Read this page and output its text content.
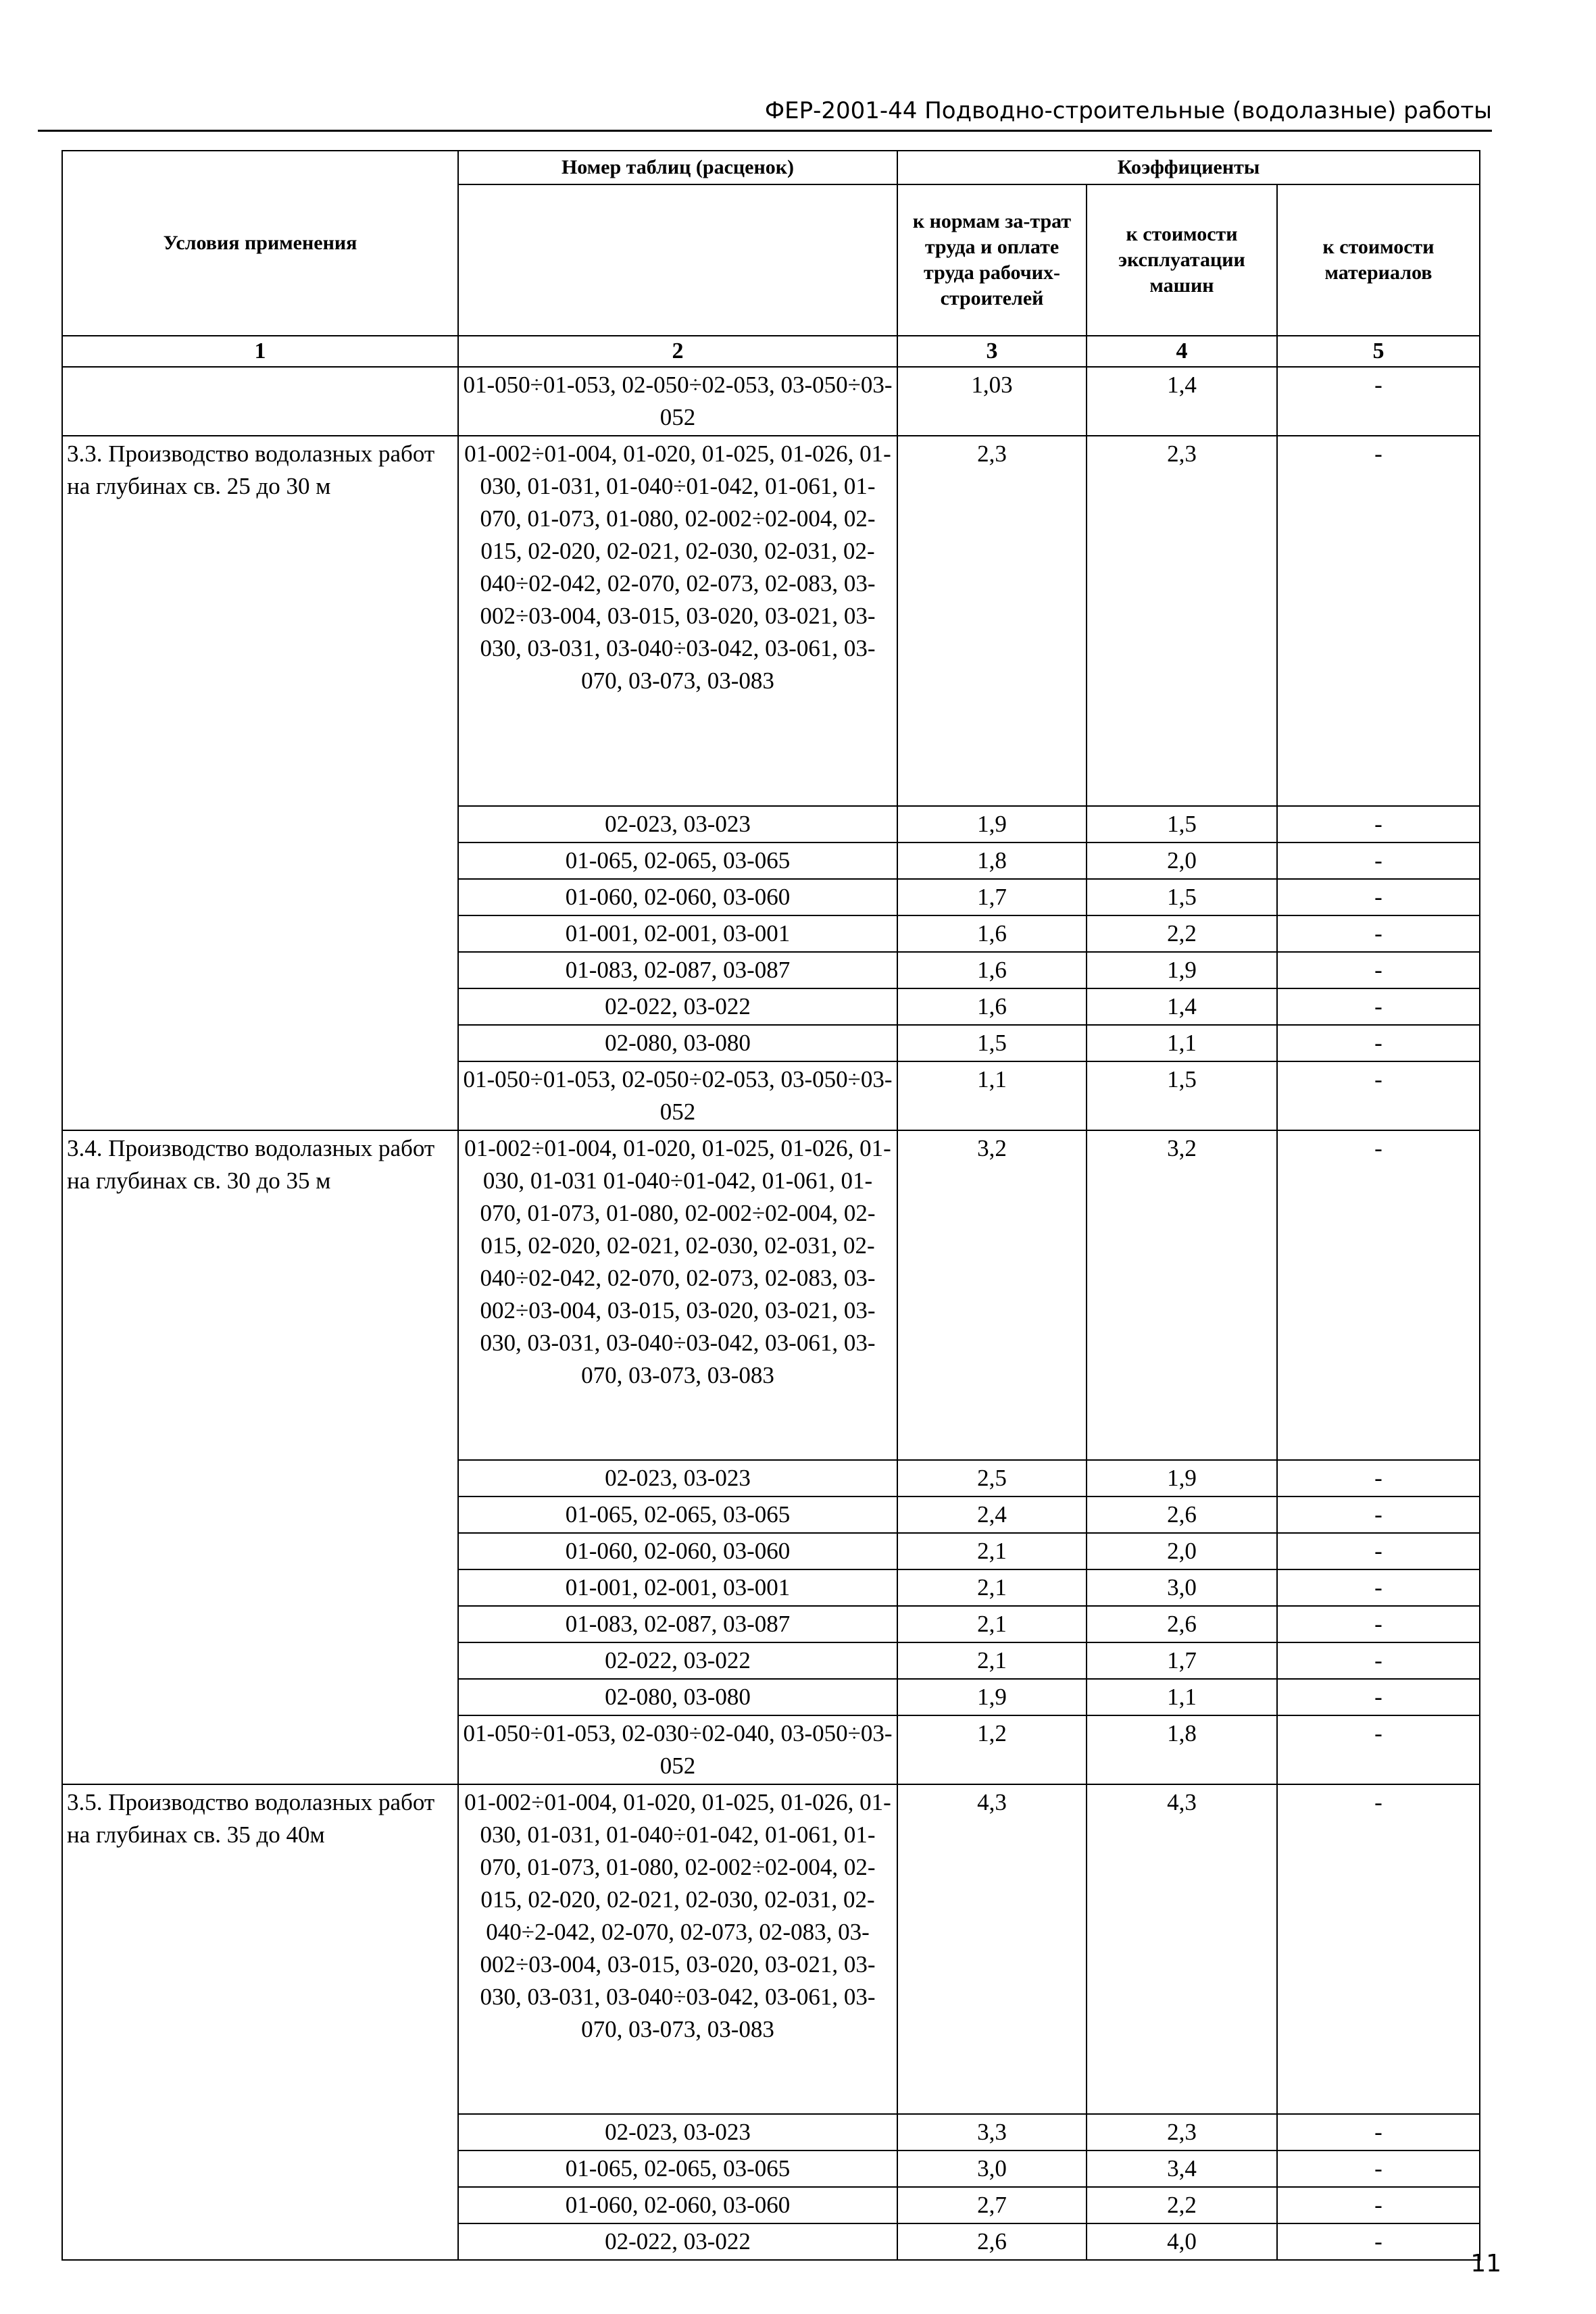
ФЕР-2001-44 Подводно-строительные (водолазные) работы
Условия применения	Номер таблиц (расценок)	Коэффициенты		
		к нормам за-трат труда и оплате труда рабочих-строителей	к стоимости эксплуатации машин	к стоимости материалов
1	2	3	4	5
	01-050÷01-053, 02-050÷02-053, 03-050÷03-052	1,03	1,4	-
3.3. Производство водолазных работ на глубинах св. 25 до 30 м	01-002÷01-004, 01-020, 01-025, 01-026, 01-030, 01-031, 01-040÷01-042, 01-061, 01-070, 01-073, 01-080, 02-002÷02-004, 02-015, 02-020, 02-021, 02-030, 02-031, 02-040÷02-042, 02-070, 02-073, 02-083, 03-002÷03-004, 03-015, 03-020, 03-021, 03-030, 03-031, 03-040÷03-042, 03-061, 03-070, 03-073, 03-083	2,3	2,3	-
	02-023, 03-023	1,9	1,5	-
	01-065, 02-065, 03-065	1,8	2,0	-
	01-060, 02-060, 03-060	1,7	1,5	-
	01-001, 02-001, 03-001	1,6	2,2	-
	01-083, 02-087, 03-087	1,6	1,9	-
	02-022, 03-022	1,6	1,4	-
	02-080, 03-080	1,5	1,1	-
	01-050÷01-053, 02-050÷02-053, 03-050÷03-052	1,1	1,5	-
3.4. Производство водолазных работ на глубинах св. 30 до 35 м	01-002÷01-004, 01-020, 01-025, 01-026, 01-030, 01-031 01-040÷01-042, 01-061, 01-070, 01-073, 01-080, 02-002÷02-004, 02-015, 02-020, 02-021, 02-030, 02-031, 02-040÷02-042, 02-070, 02-073, 02-083, 03-002÷03-004, 03-015, 03-020, 03-021, 03-030, 03-031, 03-040÷03-042, 03-061, 03-070, 03-073, 03-083	3,2	3,2	-
	02-023, 03-023	2,5	1,9	-
	01-065, 02-065, 03-065	2,4	2,6	-
	01-060, 02-060, 03-060	2,1	2,0	-
	01-001, 02-001, 03-001	2,1	3,0	-
	01-083, 02-087, 03-087	2,1	2,6	-
	02-022, 03-022	2,1	1,7	-
	02-080, 03-080	1,9	1,1	-
	01-050÷01-053, 02-030÷02-040, 03-050÷03-052	1,2	1,8	-
3.5. Производство водолазных работ на глубинах св. 35 до 40м	01-002÷01-004, 01-020, 01-025, 01-026, 01-030, 01-031, 01-040÷01-042, 01-061, 01-070, 01-073, 01-080, 02-002÷02-004, 02-015, 02-020, 02-021, 02-030, 02-031, 02-040÷2-042, 02-070, 02-073, 02-083, 03-002÷03-004, 03-015, 03-020, 03-021, 03-030, 03-031, 03-040÷03-042, 03-061, 03-070, 03-073, 03-083	4,3	4,3	-
	02-023, 03-023	3,3	2,3	-
	01-065, 02-065, 03-065	3,0	3,4	-
	01-060, 02-060, 03-060	2,7	2,2	-
	02-022, 03-022	2,6	4,0	-
11
